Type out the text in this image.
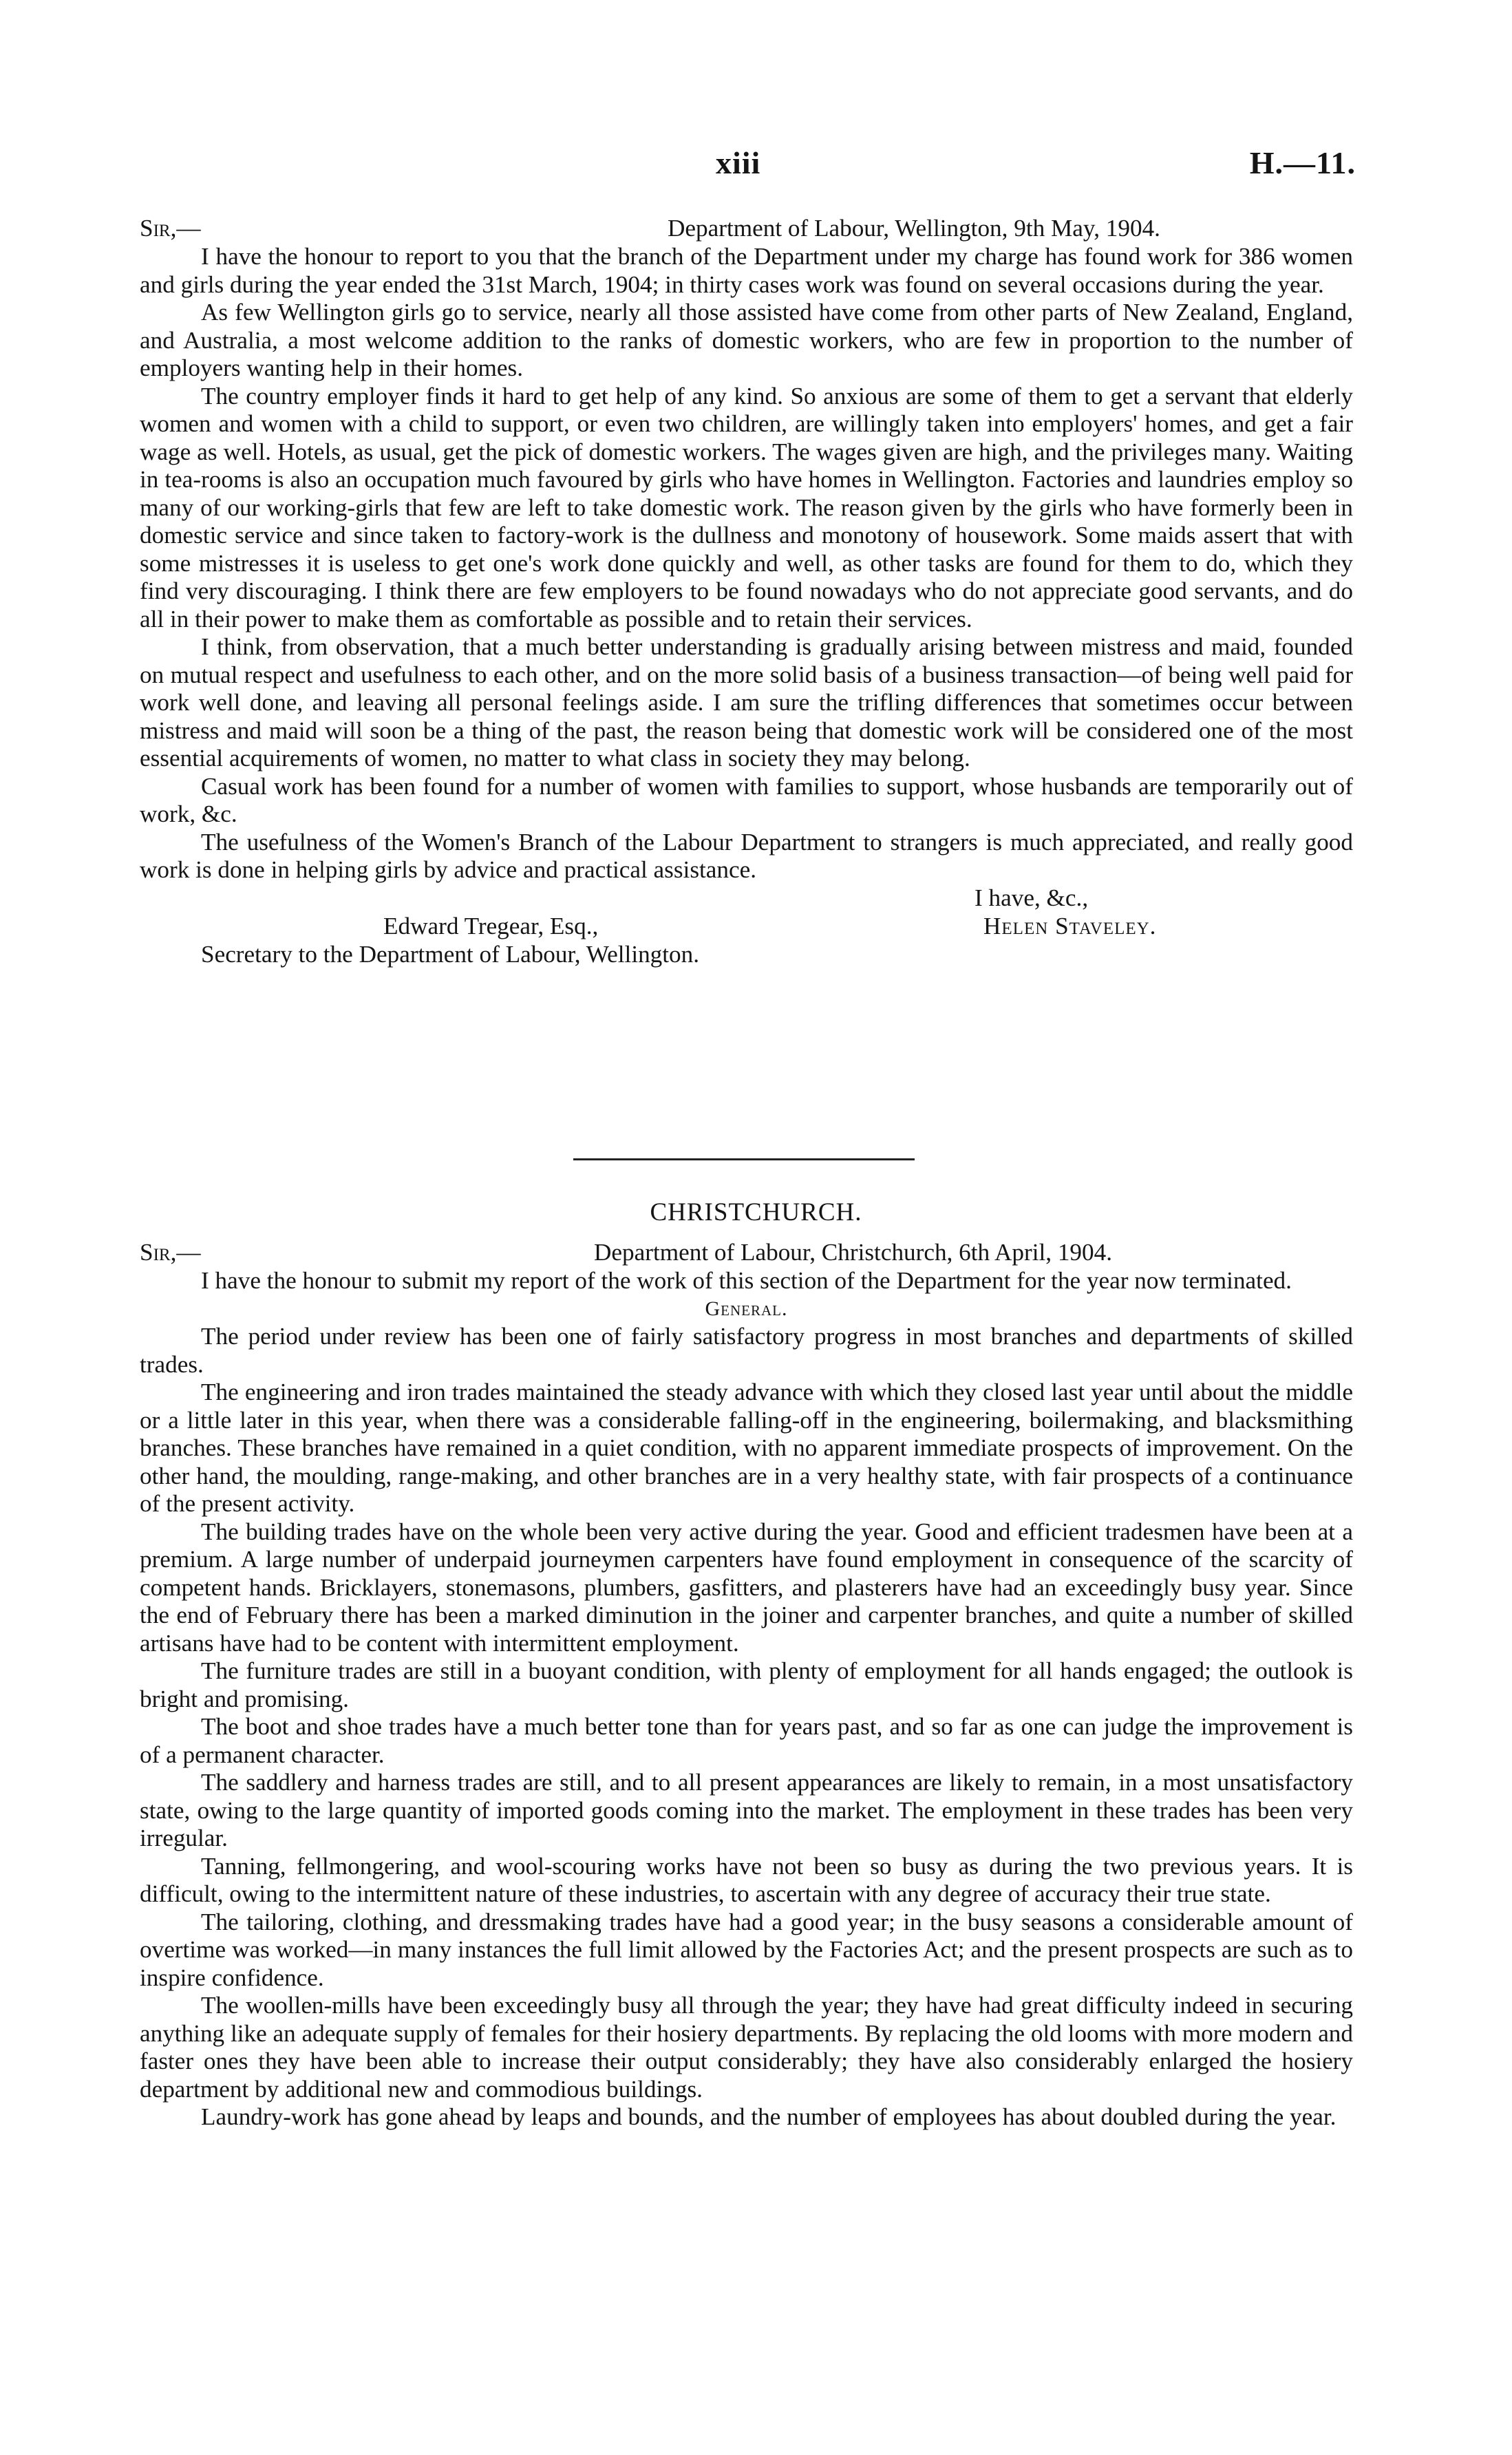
xiii	H.—11.
Sir,—	Department of Labour, Wellington, 9th May, 1904.

I have the honour to report to you that the branch of the Department under my charge has found work for 386 women and girls during the year ended the 31st March, 1904; in thirty cases work was found on several occasions during the year.

As few Wellington girls go to service, nearly all those assisted have come from other parts of New Zealand, England, and Australia, a most welcome addition to the ranks of domestic workers, who are few in proportion to the number of employers wanting help in their homes.

The country employer finds it hard to get help of any kind. So anxious are some of them to get a servant that elderly women and women with a child to support, or even two children, are willingly taken into employers' homes, and get a fair wage as well. Hotels, as usual, get the pick of domestic workers. The wages given are high, and the privileges many. Waiting in tea-rooms is also an occupation much favoured by girls who have homes in Wellington. Factories and laundries employ so many of our working-girls that few are left to take domestic work. The reason given by the girls who have formerly been in domestic service and since taken to factory-work is the dullness and monotony of housework. Some maids assert that with some mistresses it is useless to get one's work done quickly and well, as other tasks are found for them to do, which they find very discouraging. I think there are few employers to be found nowadays who do not appreciate good servants, and do all in their power to make them as comfortable as possible and to retain their services.

I think, from observation, that a much better understanding is gradually arising between mistress and maid, founded on mutual respect and usefulness to each other, and on the more solid basis of a business transaction—of being well paid for work well done, and leaving all personal feelings aside. I am sure the trifling differences that sometimes occur between mistress and maid will soon be a thing of the past, the reason being that domestic work will be considered one of the most essential acquirements of women, no matter to what class in society they may belong.

Casual work has been found for a number of women with families to support, whose husbands are temporarily out of work, &c.

The usefulness of the Women's Branch of the Labour Department to strangers is much appreciated, and really good work is done in helping girls by advice and practical assistance.

I have, &c.,
Edward Tregear, Esq.,	Helen Staveley.
Secretary to the Department of Labour, Wellington.
CHRISTCHURCH.
Sir,—	Department of Labour, Christchurch, 6th April, 1904.

I have the honour to submit my report of the work of this section of the Department for the year now terminated.

General.

The period under review has been one of fairly satisfactory progress in most branches and departments of skilled trades.

The engineering and iron trades maintained the steady advance with which they closed last year until about the middle or a little later in this year, when there was a considerable falling-off in the engineering, boilermaking, and blacksmithing branches. These branches have remained in a quiet condition, with no apparent immediate prospects of improvement. On the other hand, the moulding, range-making, and other branches are in a very healthy state, with fair prospects of a continuance of the present activity.

The building trades have on the whole been very active during the year. Good and efficient tradesmen have been at a premium. A large number of underpaid journeymen carpenters have found employment in consequence of the scarcity of competent hands. Bricklayers, stonemasons, plumbers, gasfitters, and plasterers have had an exceedingly busy year. Since the end of February there has been a marked diminution in the joiner and carpenter branches, and quite a number of skilled artisans have had to be content with intermittent employment.

The furniture trades are still in a buoyant condition, with plenty of employment for all hands engaged; the outlook is bright and promising.

The boot and shoe trades have a much better tone than for years past, and so far as one can judge the improvement is of a permanent character.

The saddlery and harness trades are still, and to all present appearances are likely to remain, in a most unsatisfactory state, owing to the large quantity of imported goods coming into the market. The employment in these trades has been very irregular.

Tanning, fellmongering, and wool-scouring works have not been so busy as during the two previous years. It is difficult, owing to the intermittent nature of these industries, to ascertain with any degree of accuracy their true state.

The tailoring, clothing, and dressmaking trades have had a good year; in the busy seasons a considerable amount of overtime was worked—in many instances the full limit allowed by the Factories Act; and the present prospects are such as to inspire confidence.

The woollen-mills have been exceedingly busy all through the year; they have had great difficulty indeed in securing anything like an adequate supply of females for their hosiery departments. By replacing the old looms with more modern and faster ones they have been able to increase their output considerably; they have also considerably enlarged the hosiery department by additional new and commodious buildings.

Laundry-work has gone ahead by leaps and bounds, and the number of employees has about doubled during the year.
